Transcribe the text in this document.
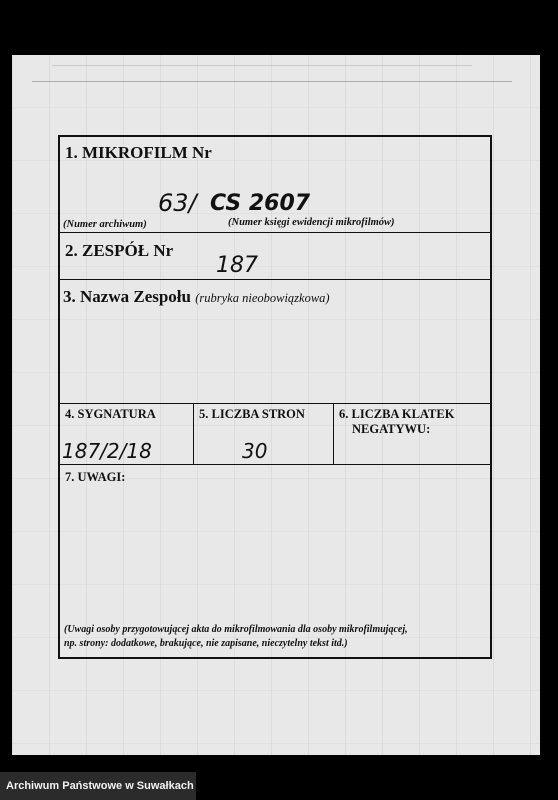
1. MIKROFILM Nr
63/ CS 2607
(Numer archiwum)	(Numer księgi ewidencji mikrofilmów)
2. ZESPÓŁ Nr
187
3. Nazwa Zespołu (rubryka nieobowiązkowa)
4. SYGNATURA
187/2/18
5. LICZBA STRON
30
6. LICZBA KLATEK
NEGATYWU:
7. UWAGI:
(Uwagi osoby przygotowującej akta do mikrofilmowania dla osoby mikrofilmującej,
np. strony: dodatkowe, brakujące, nie zapisane, nieczytelny tekst itd.)
Archiwum Państwowe w Suwałkach
